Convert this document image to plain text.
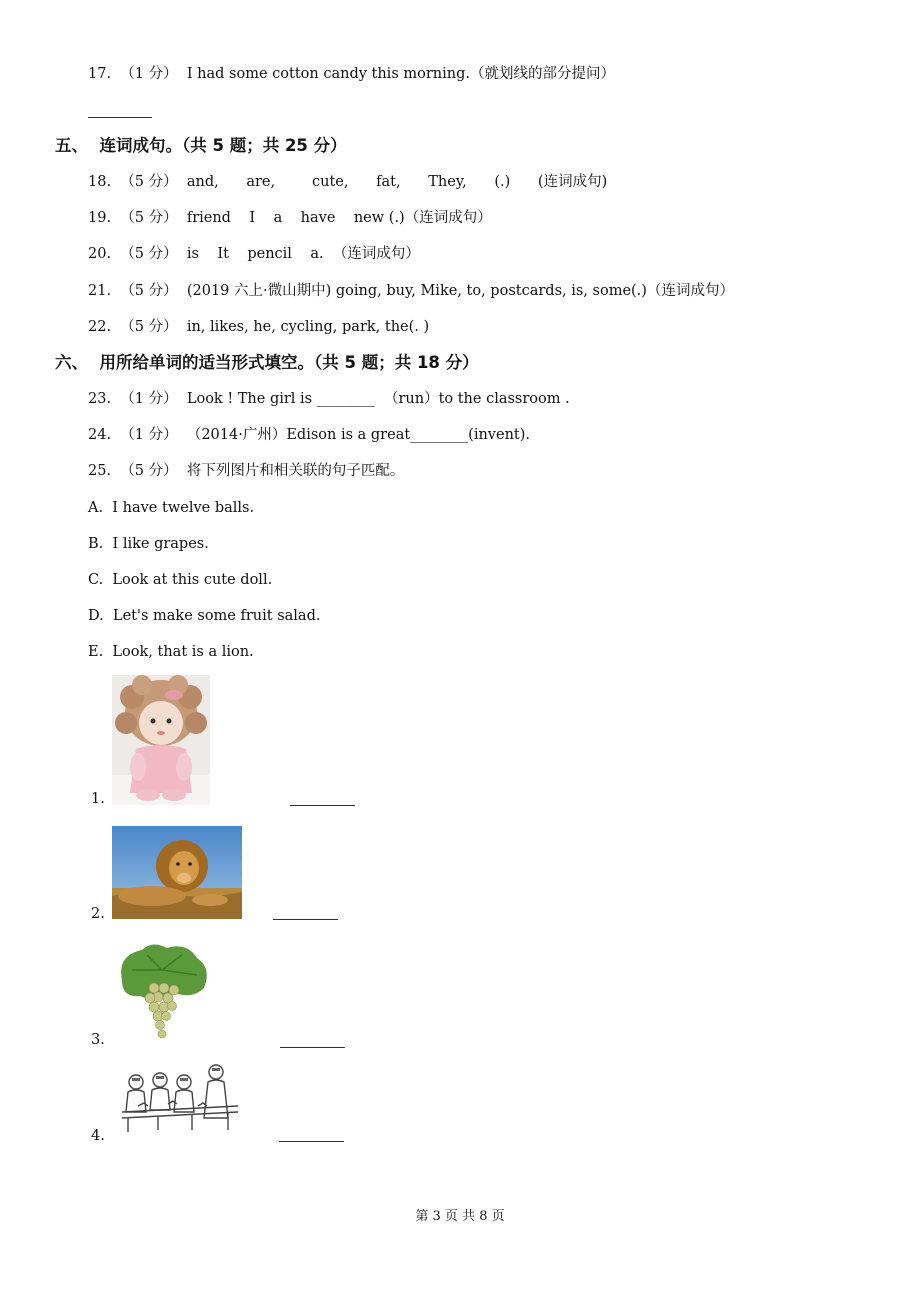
17.  （1 分）  I had some cotton candy this morning.（就划线的部分提问）
五、  连词成句。（共 5 题；共 25 分）
18.  （5 分）  and,      are,        cute,      fat,      They,      (.)      (连词成句)
19.  （5 分）  friend    I    a    have    new (.)（连词成句）
20.  （5 分）  is    It    pencil    a.  （连词成句）
21.  （5 分）  (2019 六上·微山期中) going, buy, Mike, to, postcards, is, some(.)（连词成句）
22.  （5 分）  in, likes, he, cycling, park, the(. )
六、  用所给单词的适当形式填空。（共 5 题；共 18 分）
23.  （1 分）  Look ! The girl is ________  （run）to the classroom .
24.  （1 分）  （2014·广州）Edison is a great________(invent).
25.  （5 分）  将下列图片和相关联的句子匹配。
A.  I have twelve balls.
B.  I like grapes.
C.  Look at this cute doll.
D.  Let's make some fruit salad.
E.  Look, that is a lion.
1.
2.
3.
4.
第 3 页 共 8 页
